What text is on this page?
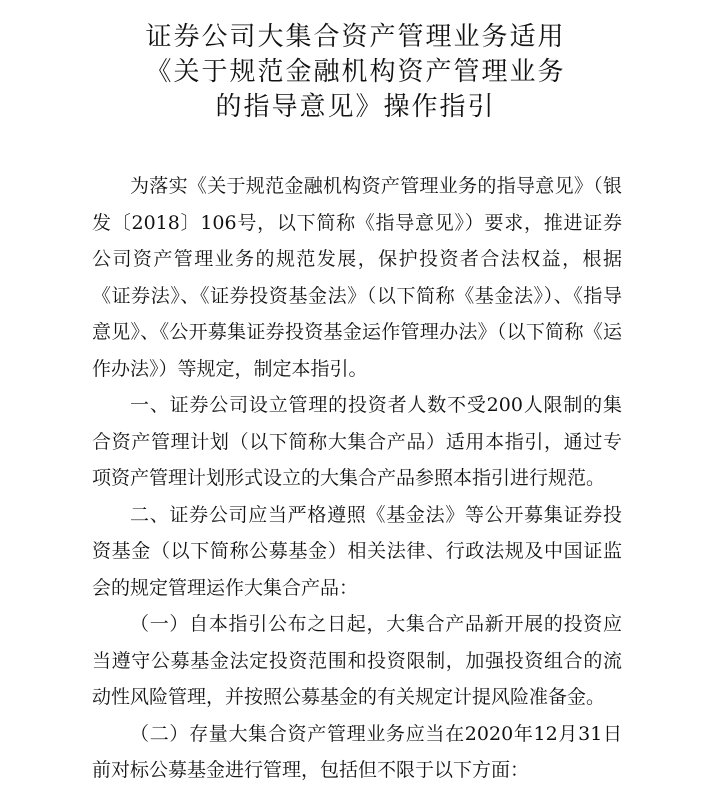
证券公司大集合资产管理业务适用
《关于规范金融机构资产管理业务
的指导意见》操作指引

为落实《关于规范金融机构资产管理业务的指导意见》（银发〔2018〕106号，以下简称《指导意见》）要求，推进证券公司资产管理业务的规范发展，保护投资者合法权益，根据《证券法》、《证券投资基金法》（以下简称《基金法》）、《指导意见》、《公开募集证券投资基金运作管理办法》（以下简称《运作办法》）等规定，制定本指引。

一、证券公司设立管理的投资者人数不受200人限制的集合资产管理计划（以下简称大集合产品）适用本指引，通过专项资产管理计划形式设立的大集合产品参照本指引进行规范。

二、证券公司应当严格遵照《基金法》等公开募集证券投资基金（以下简称公募基金）相关法律、行政法规及中国证监会的规定管理运作大集合产品：

（一）自本指引公布之日起，大集合产品新开展的投资应当遵守公募基金法定投资范围和投资限制，加强投资组合的流动性风险管理，并按照公募基金的有关规定计提风险准备金。

（二）存量大集合资产管理业务应当在2020年12月31日前对标公募基金进行管理，包括但不限于以下方面：
